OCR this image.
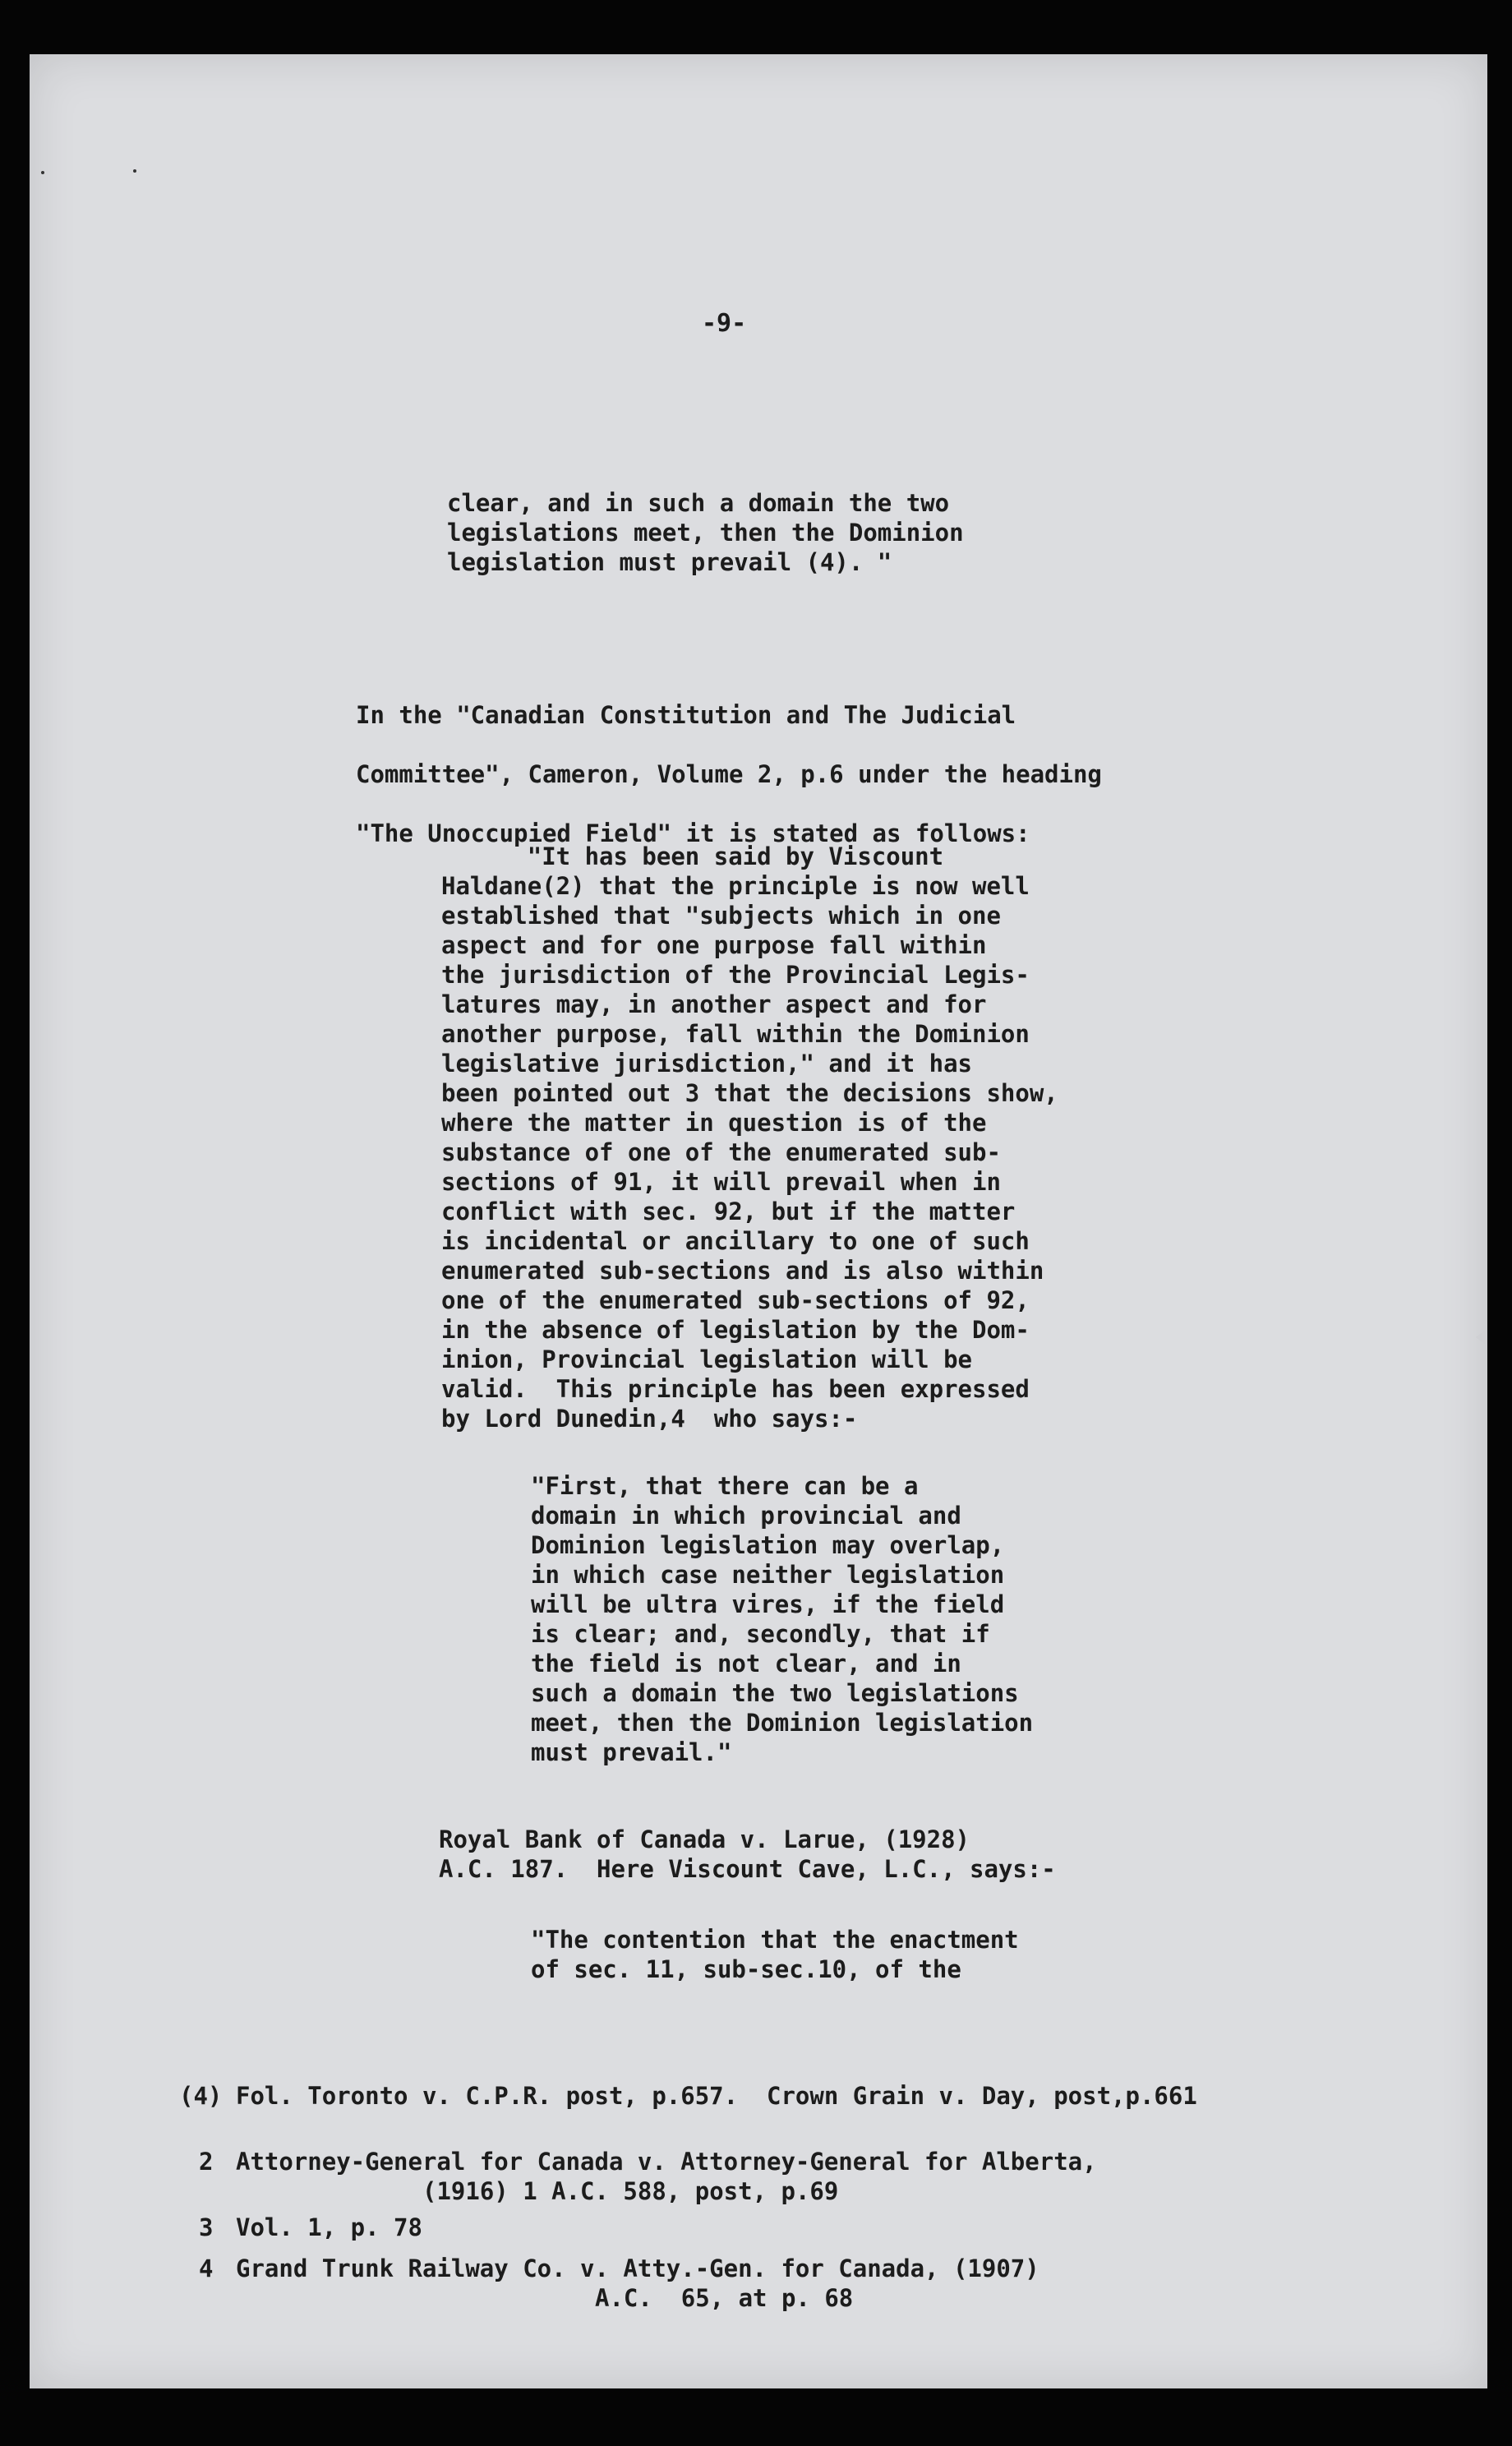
-9-

clear, and in such a domain the two
legislations meet, then the Dominion
legislation must prevail (4). "

In the "Canadian Constitution and The Judicial
Committee", Cameron, Volume 2, p.6 under the heading
"The Unoccupied Field" it is stated as follows:

"It has been said by Viscount
Haldane(2) that the principle is now well
established that "subjects which in one
aspect and for one purpose fall within
the jurisdiction of the Provincial Legis-
latures may, in another aspect and for
another purpose, fall within the Dominion
legislative jurisdiction," and it has
been pointed out 3 that the decisions show,
where the matter in question is of the
substance of one of the enumerated sub-
sections of 91, it will prevail when in
conflict with sec. 92, but if the matter
is incidental or ancillary to one of such
enumerated sub-sections and is also within
one of the enumerated sub-sections of 92,
in the absence of legislation by the Dom-
inion, Provincial legislation will be
valid.  This principle has been expressed
by Lord Dunedin,4  who says:-

"First, that there can be a
domain in which provincial and
Dominion legislation may overlap,
in which case neither legislation
will be ultra vires, if the field
is clear; and, secondly, that if
the field is not clear, and in
such a domain the two legislations
meet, then the Dominion legislation
must prevail."

Royal Bank of Canada v. Larue, (1928)
A.C. 187.  Here Viscount Cave, L.C., says:-

"The contention that the enactment
of sec. 11, sub-sec.10, of the

(4) Fol. Toronto v. C.P.R. post, p.657.  Crown Grain v. Day, post,p.661

2 Attorney-General for Canada v. Attorney-General for Alberta,

(1916) 1 A.C. 588, post, p.69

3 Vol. 1, p. 78

4 Grand Trunk Railway Co. v. Atty.-Gen. for Canada, (1907)

A.C.  65, at p. 68
